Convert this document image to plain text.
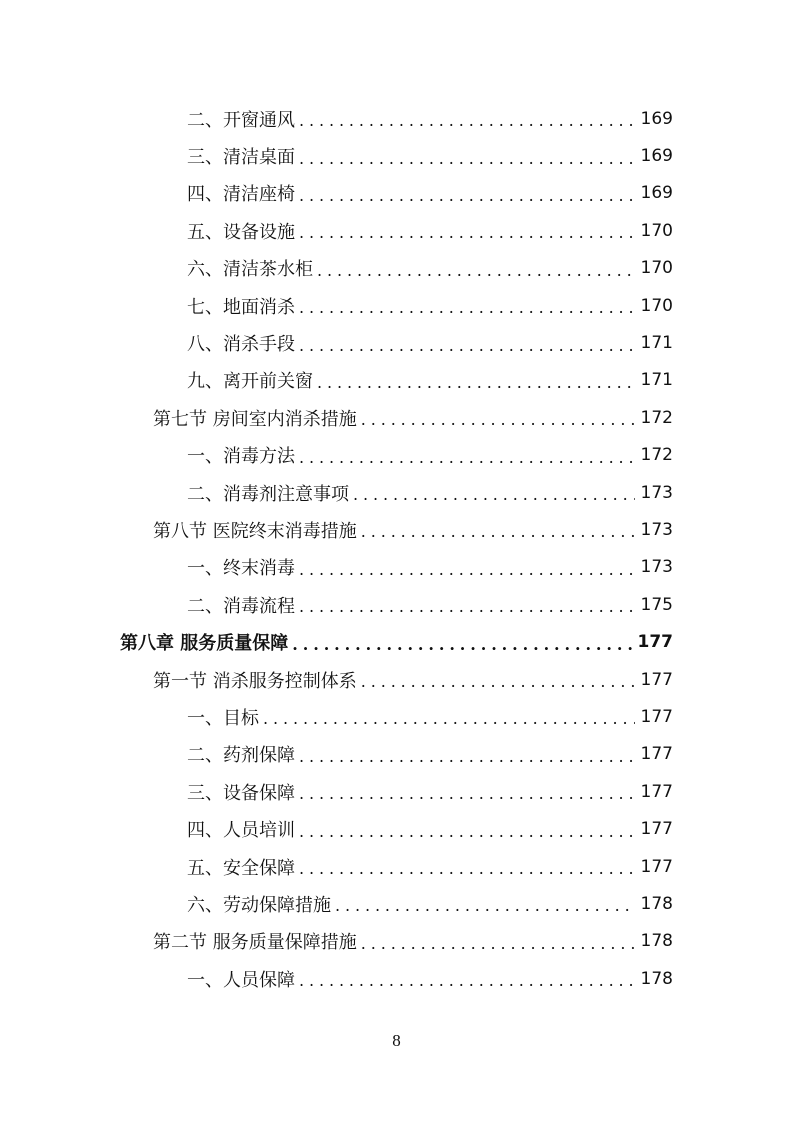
二、开窗通风 .....	169
三、清洁桌面 .....	169
四、清洁座椅 .....	169
五、设备设施 .....	170
六、清洁茶水柜 .....	170
七、地面消杀 .....	170
八、消杀手段 .....	171
九、离开前关窗 .....	171
第七节 房间室内消杀措施 .....	172
一、消毒方法 .....	172
二、消毒剂注意事项 .....	173
第八节 医院终末消毒措施 .....	173
一、终末消毒 .....	173
二、消毒流程 .....	175
第八章 服务质量保障 .....	177
第一节 消杀服务控制体系 .....	177
一、目标 .....	177
二、药剂保障 .....	177
三、设备保障 .....	177
四、人员培训 .....	177
五、安全保障 .....	177
六、劳动保障措施 .....	178
第二节 服务质量保障措施 .....	178
一、人员保障 .....	178
8
